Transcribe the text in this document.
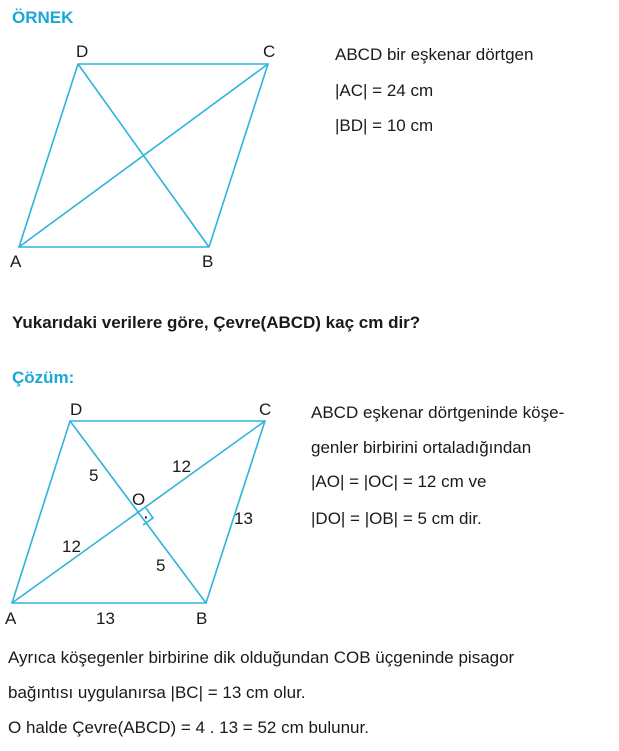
ÖRNEK
D	C
A	B
ABCD bir eşkenar dörtgen
|AC| = 24 cm
|BD| = 10 cm
Yukarıdaki verilere göre, Çevre(ABCD) kaç cm dir?
Çözüm:
·
D	C
A	B
O
5	12
12
5
13
13
ABCD eşkenar dörtgeninde köşe-
genler birbirini ortaladığından
|AO| = |OC| = 12 cm ve
|DO| = |OB| = 5 cm dir.
Ayrıca köşegenler birbirine dik olduğundan COB üçgeninde pisagor
bağıntısı uygulanırsa |BC| = 13 cm olur.
O halde Çevre(ABCD) = 4 . 13 = 52 cm bulunur.
